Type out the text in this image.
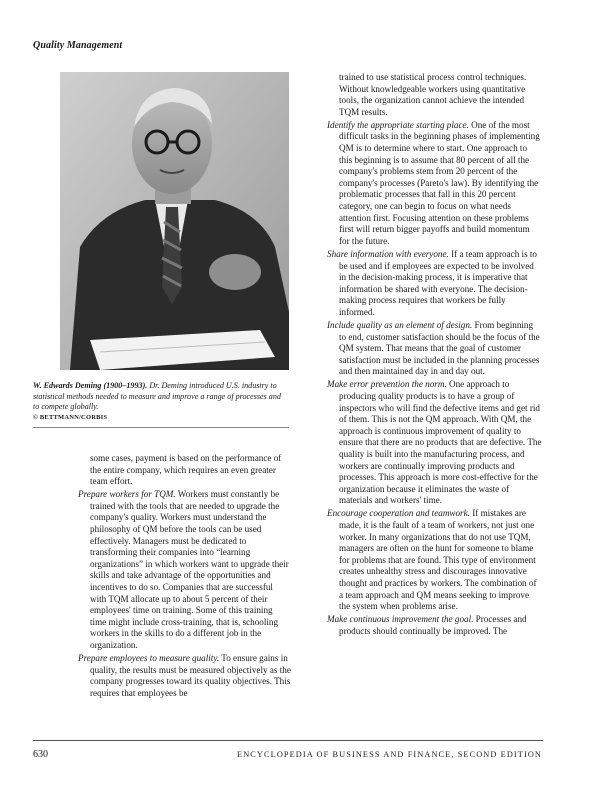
Quality Management
W. Edwards Deming (1900–1993). Dr. Deming introduced U.S. industry to statistical methods needed to measure and improve a range of processes and to compete globally.
© BETTMANN/CORBIS

some cases, payment is based on the performance of the entire company, which requires an even greater team effort.

Prepare workers for TQM. Workers must constantly be trained with the tools that are needed to upgrade the company's quality. Workers must understand the philosophy of QM before the tools can be used effectively. Managers must be dedicated to transforming their companies into “learning organizations” in which workers want to upgrade their skills and take advantage of the opportunities and incentives to do so. Companies that are successful with TQM allocate up to about 5 percent of their employees' time on training. Some of this training time might include cross-training, that is, schooling workers in the skills to do a different job in the organization.

Prepare employees to measure quality. To ensure gains in quality, the results must be measured objectively as the company progresses toward its quality objectives. This requires that employees be

trained to use statistical process control techniques. Without knowledgeable workers using quantitative tools, the organization cannot achieve the intended TQM results.

Identify the appropriate starting place. One of the most difficult tasks in the beginning phases of implementing QM is to determine where to start. One approach to this beginning is to assume that 80 percent of all the company's problems stem from 20 percent of the company's processes (Pareto's law). By identifying the problematic processes that fall in this 20 percent category, one can begin to focus on what needs attention first. Focusing attention on these problems first will return bigger payoffs and build momentum for the future.

Share information with everyone. If a team approach is to be used and if employees are expected to be involved in the decision-making process, it is imperative that information be shared with everyone. The decision-making process requires that workers be fully informed.

Include quality as an element of design. From beginning to end, customer satisfaction should be the focus of the QM system. That means that the goal of customer satisfaction must be included in the planning processes and then maintained day in and day out.

Make error prevention the norm. One approach to producing quality products is to have a group of inspectors who will find the defective items and get rid of them. This is not the QM approach. With QM, the approach is continuous improvement of quality to ensure that there are no products that are defective. The quality is built into the manufacturing process, and workers are continually improving products and processes. This approach is more cost-effective for the organization because it eliminates the waste of materials and workers' time.

Encourage cooperation and teamwork. If mistakes are made, it is the fault of a team of workers, not just one worker. In many organizations that do not use TQM, managers are often on the hunt for someone to blame for problems that are found. This type of environment creates unhealthy stress and discourages innovative thought and practices by workers. The combination of a team approach and QM means seeking to improve the system when problems arise.

Make continuous improvement the goal. Processes and products should continually be improved. The

630	ENCYCLOPEDIA OF BUSINESS AND FINANCE, SECOND EDITION
